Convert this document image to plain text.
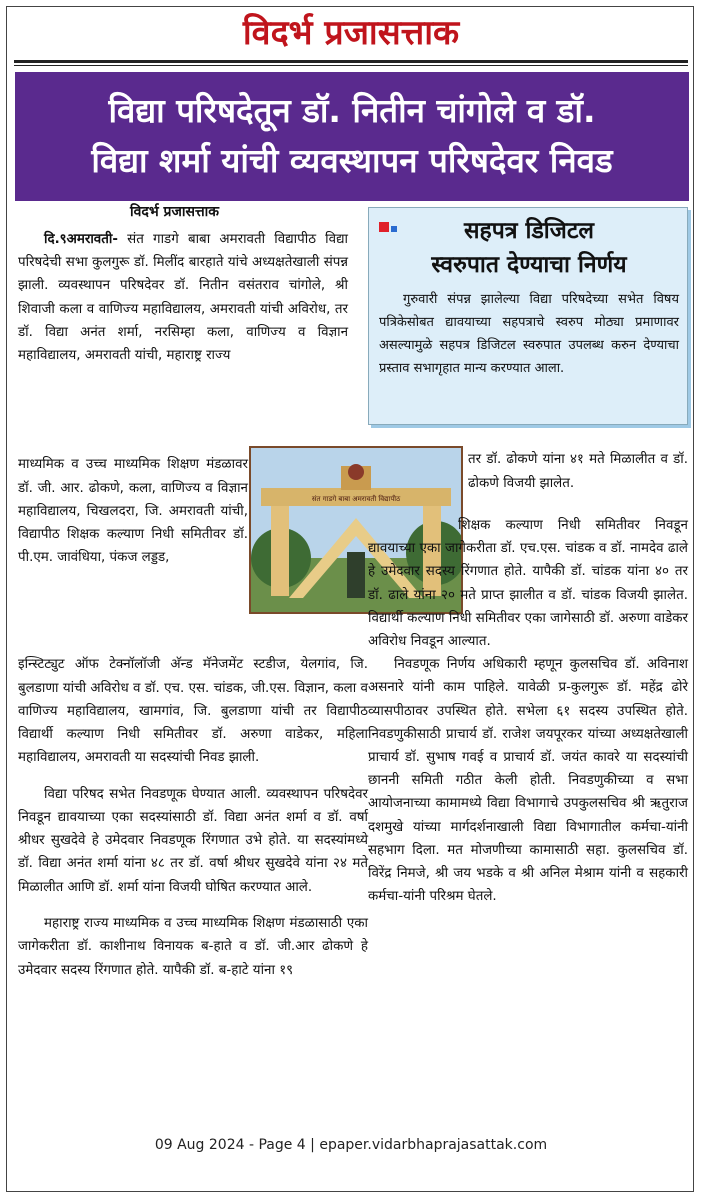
विदर्भ प्रजासत्ताक
विद्या परिषदेतून डॉ. नितीन चांगोले व डॉ.
विद्या शर्मा यांची व्यवस्थापन परिषदेवर निवड
विदर्भ प्रजासत्ताक

दि.९अमरावती- संत गाडगे बाबा अमरावती विद्यापीठ विद्या परिषदेची सभा कुलगुरू डॉ. मिलींद बारहाते यांचे अध्यक्षतेखाली संपन्न झाली. व्यवस्थापन परिषदेवर डॉ. नितीन वसंतराव चांगोले, श्री शिवाजी कला व वाणिज्य महाविद्यालय, अमरावती यांची अविरोध, तर डॉ. विद्या अनंत शर्मा, नरसिम्हा कला, वाणिज्य व विज्ञान महाविद्यालय, अमरावती यांची, महाराष्ट्र राज्य

माध्यमिक व उच्च माध्यमिक शिक्षण मंडळावर डॉ. जी. आर. ढोकणे, कला, वाणिज्य व विज्ञान महाविद्यालय, चिखलदरा, जि. अमरावती यांची, विद्यापीठ शिक्षक कल्याण निधी समितीवर डॉ. पी.एम. जावंधिया, पंकज लड्डड,

इन्स्टिट्युट ऑफ टेक्नॉलॉजी अ‍ॅन्ड मॅनेजमेंट स्टडीज, येलगांव, जि. बुलडाणा यांची अविरोध व डॉ. एच. एस. चांडक, जी.एस. विज्ञान, कला व वाणिज्य महाविद्यालय, खामगांव, जि. बुलडाणा यांची तर विद्यापीठ विद्यार्थी कल्याण निधी समितीवर डॉ. अरुणा वाडेकर, महिला महाविद्यालय, अमरावती या सदस्यांची निवड झाली.

विद्या परिषद सभेत निवडणूक घेण्यात आली. व्यवस्थापन परिषदेवर निवडून द्यावयाच्या एका सदस्यांसाठी डॉ. विद्या अनंत शर्मा व डॉ. वर्षा श्रीधर सुखदेवे हे उमेदवार निवडणूक रिंगणात उभे होते. या सदस्यांमध्ये डॉ. विद्या अनंत शर्मा यांना ४८ तर डॉ. वर्षा श्रीधर सुखदेवे यांना २४ मते मिळालीत आणि डॉ. शर्मा यांना विजयी घोषित करण्यात आले.

महाराष्ट्र राज्य माध्यमिक व उच्च माध्यमिक शिक्षण मंडळासाठी एका जागेकरीता डॉ. काशीनाथ विनायक ब-हाते व डॉ. जी.आर ढोकणे हे उमेदवार सदस्य रिंगणात होते. यापैकी डॉ. ब-हाटे यांना १९

सहपत्र डिजिटल
स्वरुपात देण्याचा निर्णय
गुरुवारी संपन्न झालेल्या विद्या परिषदेच्या सभेत विषय पत्रिकेसोबत द्यावयाच्या सहपत्राचे स्वरुप मोठ्या प्रमाणावर असल्यामुळे सहपत्र डिजिटल स्वरुपात उपलब्ध करुन देण्याचा प्रस्ताव सभागृहात मान्य करण्यात आला.
संत गाडगे बाबा अमरावती विद्यापीठ

तर डॉ. ढोकणे यांना ४१ मते मिळालीत व डॉ. ढोकणे विजयी झालेत.

शिक्षक कल्याण निधी समितीवर निवडून द्यावयाच्या एका जागेकरीता डॉ. एच.एस. चांडक व डॉ. नामदेव ढाले हे उमेदवार सदस्य रिंगणात होते. यापैकी डॉ. चांडक यांना ४० तर डॉ. ढाले यांना २० मते प्राप्त झालीत व डॉ. चांडक विजयी झालेत. विद्यार्थी कल्याण निधी समितीवर एका जागेसाठी डॉ. अरुणा वाडेकर अविरोध निवडून आल्यात.

निवडणूक निर्णय अधिकारी म्हणून कुलसचिव डॉ. अविनाश असनारे यांनी काम पाहिले. यावेळी प्र-कुलगुरू डॉ. महेंद्र ढोरे व्यासपीठावर उपस्थित होते. सभेला ६१ सदस्य उपस्थित होते. निवडणुकीसाठी प्राचार्य डॉ. राजेश जयपूरकर यांच्या अध्यक्षतेखाली प्राचार्य डॉ. सुभाष गवई व प्राचार्य डॉ. जयंत कावरे या सदस्यांची छाननी समिती गठीत केली होती. निवडणुकीच्या व सभा आयोजनाच्या कामामध्ये विद्या विभागाचे उपकुलसचिव श्री ऋतुराज दशमुखे यांच्या मार्गदर्शनाखाली विद्या विभागातील कर्मचा-यांनी सहभाग दिला. मत मोजणीच्या कामासाठी सहा. कुलसचिव डॉ. विरेंद्र निमजे, श्री जय भडके व श्री अनिल मेश्राम यांनी व सहकारी कर्मचा-यांनी परिश्रम घेतले.

09 Aug 2024 - Page 4 | epaper.vidarbhaprajasattak.com
